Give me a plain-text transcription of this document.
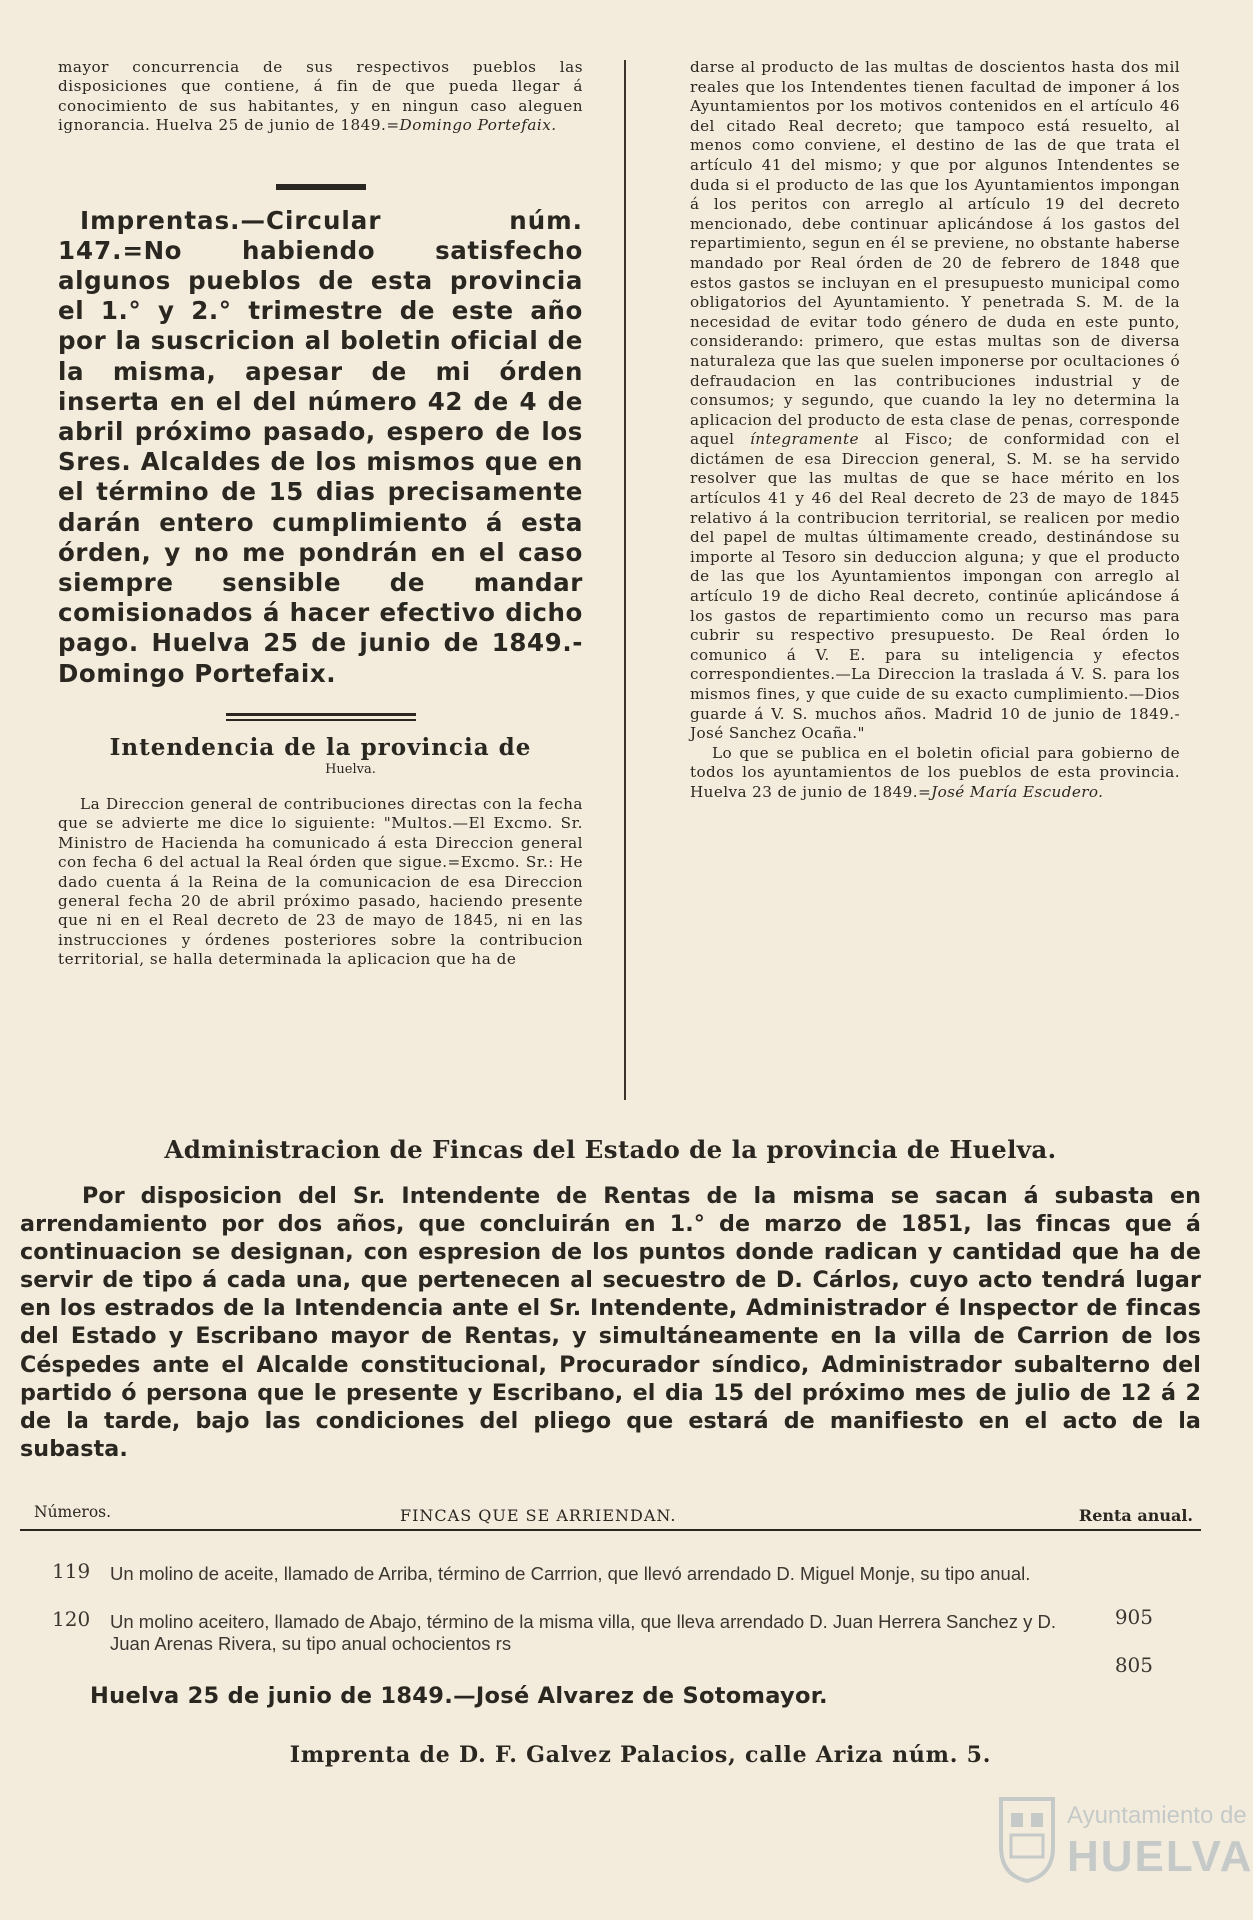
mayor concurrencia de sus respectivos pueblos las disposiciones que contiene, á fin de que pueda llegar á conocimiento de sus habitantes, y en ningun caso aleguen ignorancia. Huelva 25 de junio de 1849.=Domingo Portefaix.

Imprentas.—Circular núm. 147.=No habiendo satisfecho algunos pueblos de esta provincia el 1.° y 2.° trimestre de este año por la suscricion al boletin oficial de la misma, apesar de mi órden inserta en el del número 42 de 4 de abril próximo pasado, espero de los Sres. Alcaldes de los mismos que en el término de 15 dias precisamente darán entero cumplimiento á esta órden, y no me pondrán en el caso siempre sensible de mandar comisionados á hacer efectivo dicho pago. Huelva 25 de junio de 1849.-Domingo Portefaix.

Intendencia de la provincia de
Huelva.

La Direccion general de contribuciones directas con la fecha que se advierte me dice lo siguiente: "Multos.—El Excmo. Sr. Ministro de Hacienda ha comunicado á esta Direccion general con fecha 6 del actual la Real órden que sigue.=Excmo. Sr.: He dado cuenta á la Reina de la comunicacion de esa Direccion general fecha 20 de abril próximo pasado, haciendo presente que ni en el Real decreto de 23 de mayo de 1845, ni en las instrucciones y órdenes posteriores sobre la contribucion territorial, se halla determinada la aplicacion que ha de

darse al producto de las multas de doscientos hasta dos mil reales que los Intendentes tienen facultad de imponer á los Ayuntamientos por los motivos contenidos en el artículo 46 del citado Real decreto; que tampoco está resuelto, al menos como conviene, el destino de las de que trata el artículo 41 del mismo; y que por algunos Intendentes se duda si el producto de las que los Ayuntamientos impongan á los peritos con arreglo al artículo 19 del decreto mencionado, debe continuar aplicándose á los gastos del repartimiento, segun en él se previene, no obstante haberse mandado por Real órden de 20 de febrero de 1848 que estos gastos se incluyan en el presupuesto municipal como obligatorios del Ayuntamiento. Y penetrada S. M. de la necesidad de evitar todo género de duda en este punto, considerando: primero, que estas multas son de diversa naturaleza que las que suelen imponerse por ocultaciones ó defraudacion en las contribuciones industrial y de consumos; y segundo, que cuando la ley no determina la aplicacion del producto de esta clase de penas, corresponde aquel íntegramente al Fisco; de conformidad con el dictámen de esa Direccion general, S. M. se ha servido resolver que las multas de que se hace mérito en los artículos 41 y 46 del Real decreto de 23 de mayo de 1845 relativo á la contribucion territorial, se realicen por medio del papel de multas últimamente creado, destinándose su importe al Tesoro sin deduccion alguna; y que el producto de las que los Ayuntamientos impongan con arreglo al artículo 19 de dicho Real decreto, continúe aplicándose á los gastos de repartimiento como un recurso mas para cubrir su respectivo presupuesto. De Real órden lo comunico á V. E. para su inteligencia y efectos correspondientes.—La Direccion la traslada á V. S. para los mismos fines, y que cuide de su exacto cumplimiento.—Dios guarde á V. S. muchos años. Madrid 10 de junio de 1849.-José Sanchez Ocaña."

Lo que se publica en el boletin oficial para gobierno de todos los ayuntamientos de los pueblos de esta provincia. Huelva 23 de junio de 1849.=José María Escudero.

Administracion de Fincas del Estado de la provincia de Huelva.

Por disposicion del Sr. Intendente de Rentas de la misma se sacan á subasta en arrendamiento por dos años, que concluirán en 1.° de marzo de 1851, las fincas que á continuacion se designan, con espresion de los puntos donde radican y cantidad que ha de servir de tipo á cada una, que pertenecen al secuestro de D. Cárlos, cuyo acto tendrá lugar en los estrados de la Intendencia ante el Sr. Intendente, Administrador é Inspector de fincas del Estado y Escribano mayor de Rentas, y simultáneamente en la villa de Carrion de los Céspedes ante el Alcalde constitucional, Procurador síndico, Administrador subalterno del partido ó persona que le presente y Escribano, el dia 15 del próximo mes de julio de 12 á 2 de la tarde, bajo las condiciones del pliego que estará de manifiesto en el acto de la subasta.

Números.	FINCAS QUE SE ARRIENDAN.	Renta anual.
119 Un molino de aceite, llamado de Arriba, término de Carrrion, que llevó arrendado D. Miguel Monje, su tipo anual.
905
120 Un molino aceitero, llamado de Abajo, término de la misma villa, que lleva arrendado D. Juan Herrera Sanchez y D. Juan Arenas Rivera, su tipo anual ochocientos rs
805
Huelva 25 de junio de 1849.—José Alvarez de Sotomayor.
Imprenta de D. F. Galvez Palacios, calle Ariza núm. 5.
Ayuntamiento de
HUELVA
